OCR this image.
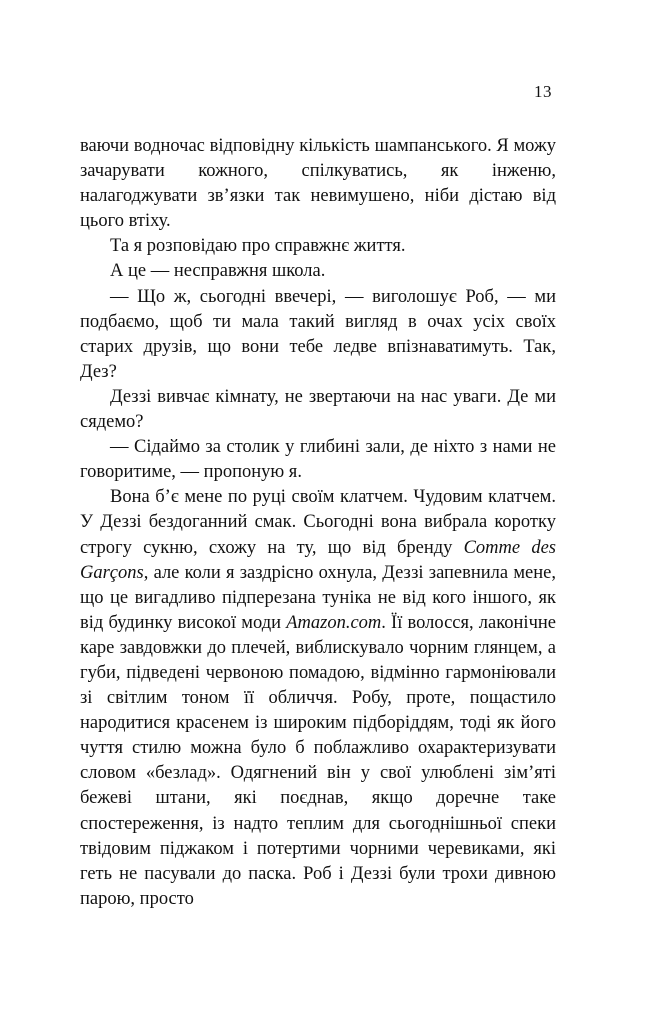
13

ваючи водночас відповідну кількість шампанського. Я можу зачарувати кожного, спілкуватись, як інженю, налагоджувати зв’язки так невимушено, ніби дістаю від цього втіху.

Та я розповідаю про справжнє життя.

А це — несправжня школа.

— Що ж, сьогодні ввечері, — виголошує Роб, — ми подбаємо, щоб ти мала такий вигляд в очах усіх своїх старих друзів, що вони тебе ледве впізнаватимуть. Так, Дез?

Деззі вивчає кімнату, не звертаючи на нас уваги. Де ми сядемо?

— Сідаймо за столик у глибині зали, де ніхто з нами не говоритиме, — пропоную я.

Вона б’є мене по руці своїм клатчем. Чудовим клатчем. У Деззі бездоганний смак. Сьогодні вона вибрала коротку строгу сукню, схожу на ту, що від бренду Comme des Garçons, але коли я заздрісно охнула, Деззі запевнила мене, що це вигадливо підперезана туніка не від кого іншого, як від будинку високої моди Amazon.com. Її волосся, лаконічне каре завдовжки до плечей, виблискувало чорним глянцем, а губи, підведені червоною помадою, відмінно гармоніювали зі світлим тоном її обличчя. Робу, проте, пощастило народитися красенем із широким підборіддям, тоді як його чуття стилю можна було б поблажливо охарактеризувати словом «безлад». Одягнений він у свої улюблені зім’яті бежеві штани, які поєднав, якщо доречне таке спостереження, із надто теплим для сьогоднішньої спеки твідовим піджаком і потертими чорними черевиками, які геть не пасували до паска. Роб і Деззі були трохи дивною парою, просто
